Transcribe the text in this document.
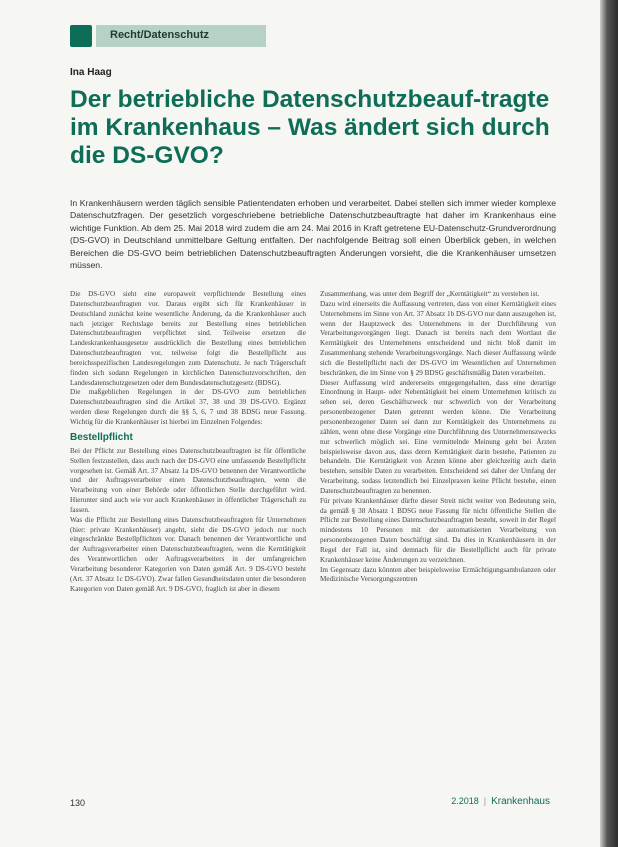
Recht/Datenschutz
Ina Haag
Der betriebliche Datenschutzbeauf-tragte im Krankenhaus – Was ändert sich durch die DS-GVO?

In Krankenhäusern werden täglich sensible Patientendaten erhoben und verarbeitet. Dabei stellen sich immer wieder komplexe Datenschutzfragen. Der gesetzlich vorgeschriebene betriebliche Datenschutzbeauftragte hat daher im Krankenhaus eine wichtige Funktion. Ab dem 25. Mai 2018 wird zudem die am 24. Mai 2016 in Kraft getretene EU-Datenschutz-Grundverordnung (DS-GVO) in Deutschland unmittelbare Geltung entfalten. Der nachfolgende Beitrag soll einen Überblick geben, in welchen Bereichen die DS-GVO beim betrieblichen Datenschutzbeauftragten Änderungen vorsieht, die die Krankenhäuser umsetzen müssen.

Die DS-GVO sieht eine europaweit verpflichtende Bestellung eines Datenschutzbeauftragten vor. Daraus ergibt sich für Krankenhäuser in Deutschland zunächst keine wesentliche Änderung, da die Krankenhäuser auch nach jetziger Rechtslage bereits zur Bestellung eines betrieblichen Datenschutzbeauftragten verpflichtet sind. Teilweise ersetzen die Landeskrankenhausgesetze ausdrücklich die Bestellung eines betrieblichen Datenschutzbeauftragten vor, teilweise folgt die Bestellpflicht aus bereichsspezifischen Landesregelungen zum Datenschutz. Je nach Trägerschaft finden sich sodann Regelungen in kirchlichen Datenschutzvorschriften, den Landesdatenschutzgesetzen oder dem Bundesdatenschutzgesetz (BDSG).

Die maßgeblichen Regelungen in der DS-GVO zum betrieblichen Datenschutzbeauftragten sind die Artikel 37, 38 und 39 DS-GVO. Ergänzt werden diese Regelungen durch die §§ 5, 6, 7 und 38 BDSG neue Fassung. Wichtig für die Krankenhäuser ist hierbei im Einzelnen Folgendes:

Bestellpflicht

Bei der Pflicht zur Bestellung eines Datenschutzbeauftragten ist für öffentliche Stellen festzustellen, dass auch nach der DS-GVO eine umfassende Bestellpflicht vorgesehen ist. Gemäß Art. 37 Absatz 1a DS-GVO benennen der Verantwortliche und der Auftragsverarbeiter einen Datenschutzbeauftragten, wenn die Verarbeitung von einer Behörde oder öffentlichen Stelle durchgeführt wird. Hierunter sind auch wie vor auch Krankenhäuser in öffentlicher Trägerschaft zu fassen.

Was die Pflicht zur Bestellung eines Datenschutzbeauftragten für Unternehmen (hier: private Krankenhäuser) angeht, sieht die DS-GVO jedoch nur noch eingeschränkte Bestellpflichten vor. Danach benennen der Verantwortliche und der Auftragsverarbeiter einen Datenschutzbeauftragten, wenn die Kerntätigkeit des Verantwortlichen oder Auftragsverarbeiters in der umfangreichen Verarbeitung besonderer Kategorien von Daten gemäß Art. 9 DS-GVO besteht (Art. 37 Absatz 1c DS-GVO). Zwar fallen Gesundheitsdaten unter die besonderen Kategorien von Daten gemäß Art. 9 DS-GVO, fraglich ist aber in diesem

Zusammenhang, was unter dem Begriff der „Kerntätigkeit“ zu verstehen ist.

Dazu wird einerseits die Auffassung vertreten, dass von einer Kerntätigkeit eines Unternehmens im Sinne von Art. 37 Absatz 1b DS-GVO nur dann auszugehen ist, wenn der Hauptzweck des Unternehmens in der Durchführung von Verarbeitungsvorgängen liegt. Danach ist bereits nach dem Wortlaut die Kerntätigkeit des Unternehmens entscheidend und nicht bloß damit im Zusammenhang stehende Verarbeitungsvorgänge. Nach dieser Auffassung würde sich die Bestellpflicht nach der DS-GVO im Wesentlichen auf Unternehmen beschränken, die im Sinne von § 29 BDSG geschäftsmäßig Daten verarbeiten.

Dieser Auffassung wird andererseits entgegengehalten, dass eine derartige Einordnung in Haupt- oder Nebentätigkeit bei einem Unternehmen kritisch zu sehen sei, deren Geschäftszweck nur schwerlich von der Verarbeitung personenbezogener Daten getrennt werden könne. Die Verarbeitung personenbezogener Daten sei dann zur Kerntätigkeit des Unternehmens zu zählen, wenn ohne diese Vorgänge eine Durchführung des Unternehmenszwecks nur schwerlich möglich sei. Eine vermittelnde Meinung geht bei Ärzten beispielsweise davon aus, dass deren Kerntätigkeit darin bestehe, Patienten zu behandeln. Die Kerntätigkeit von Ärzten könne aber gleichzeitig auch darin bestehen, sensible Daten zu verarbeiten. Entscheidend sei daher der Umfang der Verarbeitung, sodass letztendlich bei Einzelpraxen keine Pflicht bestehe, einen Datenschutzbeauftragten zu benennen.

Für private Krankenhäuser dürfte dieser Streit nicht weiter von Bedeutung sein, da gemäß § 38 Absatz 1 BDSG neue Fassung für nicht öffentliche Stellen die Pflicht zur Bestellung eines Datenschutzbeauftragten besteht, soweit in der Regel mindestens 10 Personen mit der automatisierten Verarbeitung von personenbezogenen Daten beschäftigt sind. Da dies in Krankenhäusern in der Regel der Fall ist, sind demnach für die Bestellpflicht auch für private Krankenhäuser keine Änderungen zu verzeichnen.

Im Gegensatz dazu könnten aber beispielsweise Ermächtigungsambulanzen oder Medizinische Versorgungszentren

130	2.2018 | Krankenhaus
